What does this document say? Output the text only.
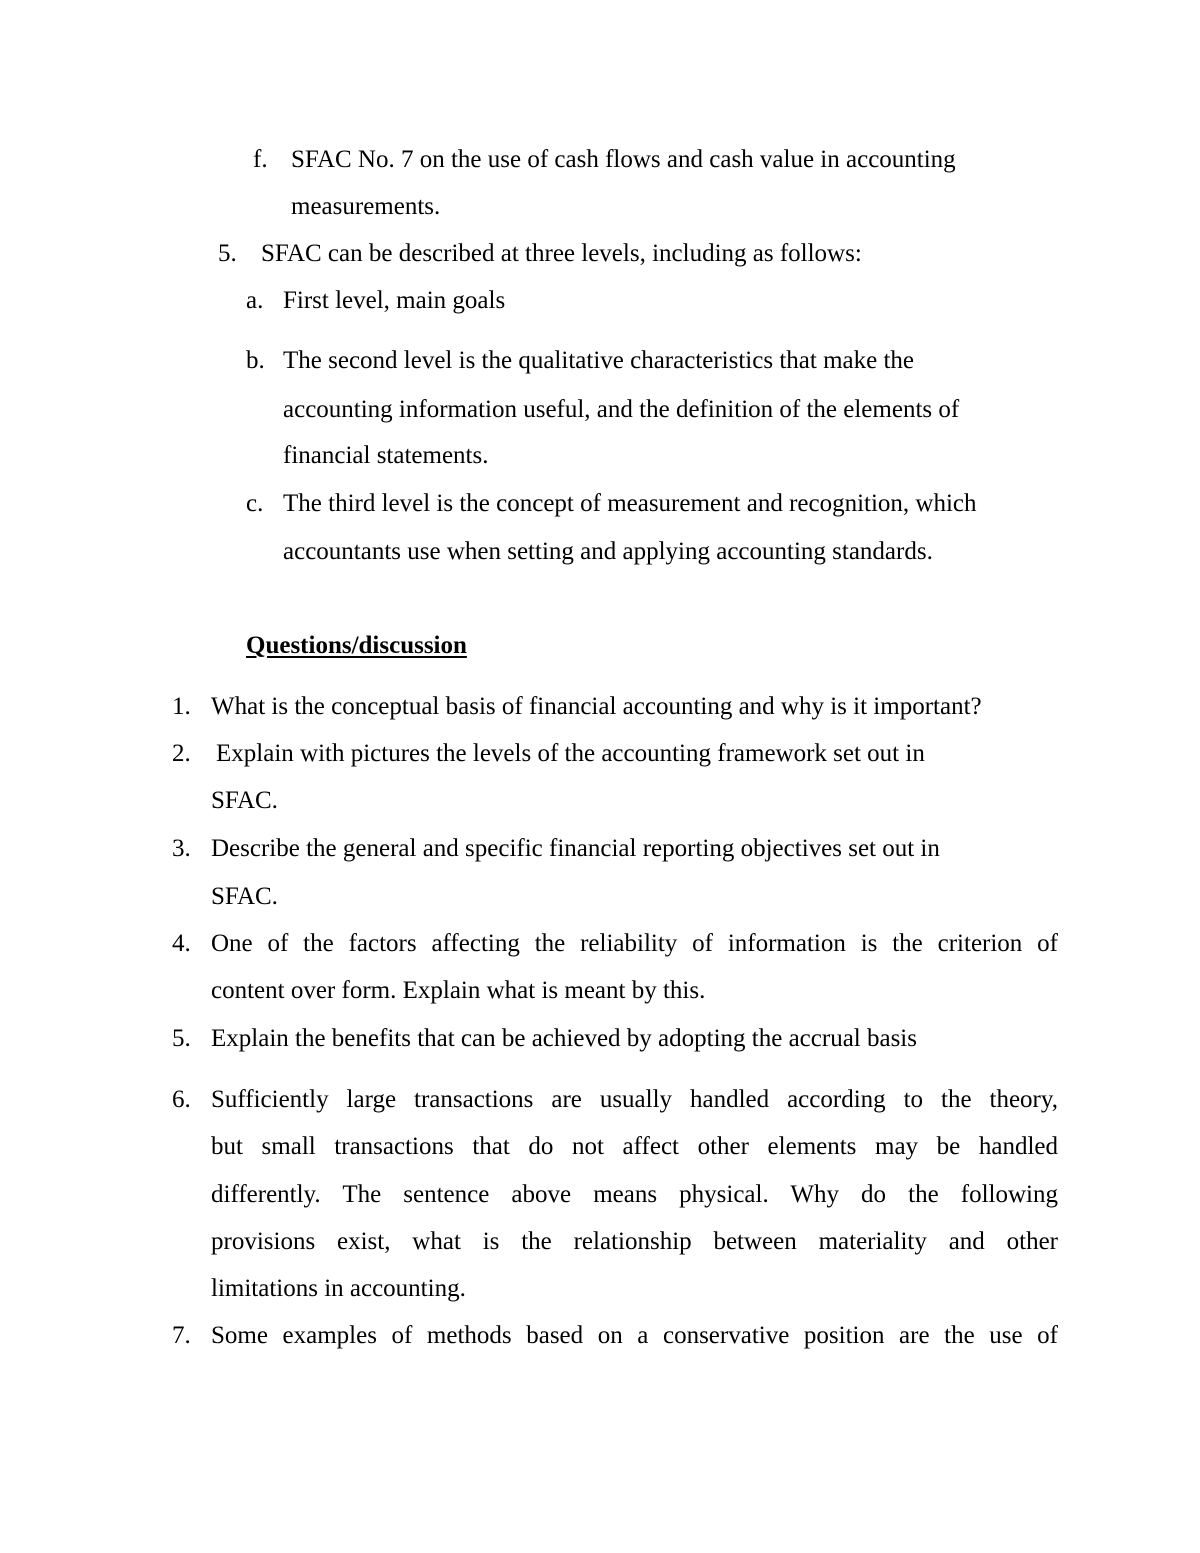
f. SFAC No. 7 on the use of cash flows and cash value in accounting

measurements.

5. SFAC can be described at three levels, including as follows:

a. First level, main goals

b. The second level is the qualitative characteristics that make the

accounting information useful, and the definition of the elements of

financial statements.

c. The third level is the concept of measurement and recognition, which

accountants use when setting and applying accounting standards.

Questions/discussion

1. What is the conceptual basis of financial accounting and why is it important?

2. Explain with pictures the levels of the accounting framework set out in

SFAC.

3. Describe the general and specific financial reporting objectives set out in

SFAC.

4. One of the factors affecting the reliability of information is the criterion of

content over form. Explain what is meant by this.

5. Explain the benefits that can be achieved by adopting the accrual basis

6. Sufficiently large transactions are usually handled according to the theory,

but small transactions that do not affect other elements may be handled

differently. The sentence above means physical. Why do the following

provisions exist, what is the relationship between materiality and other

limitations in accounting.

7. Some examples of methods based on a conservative position are the use of
